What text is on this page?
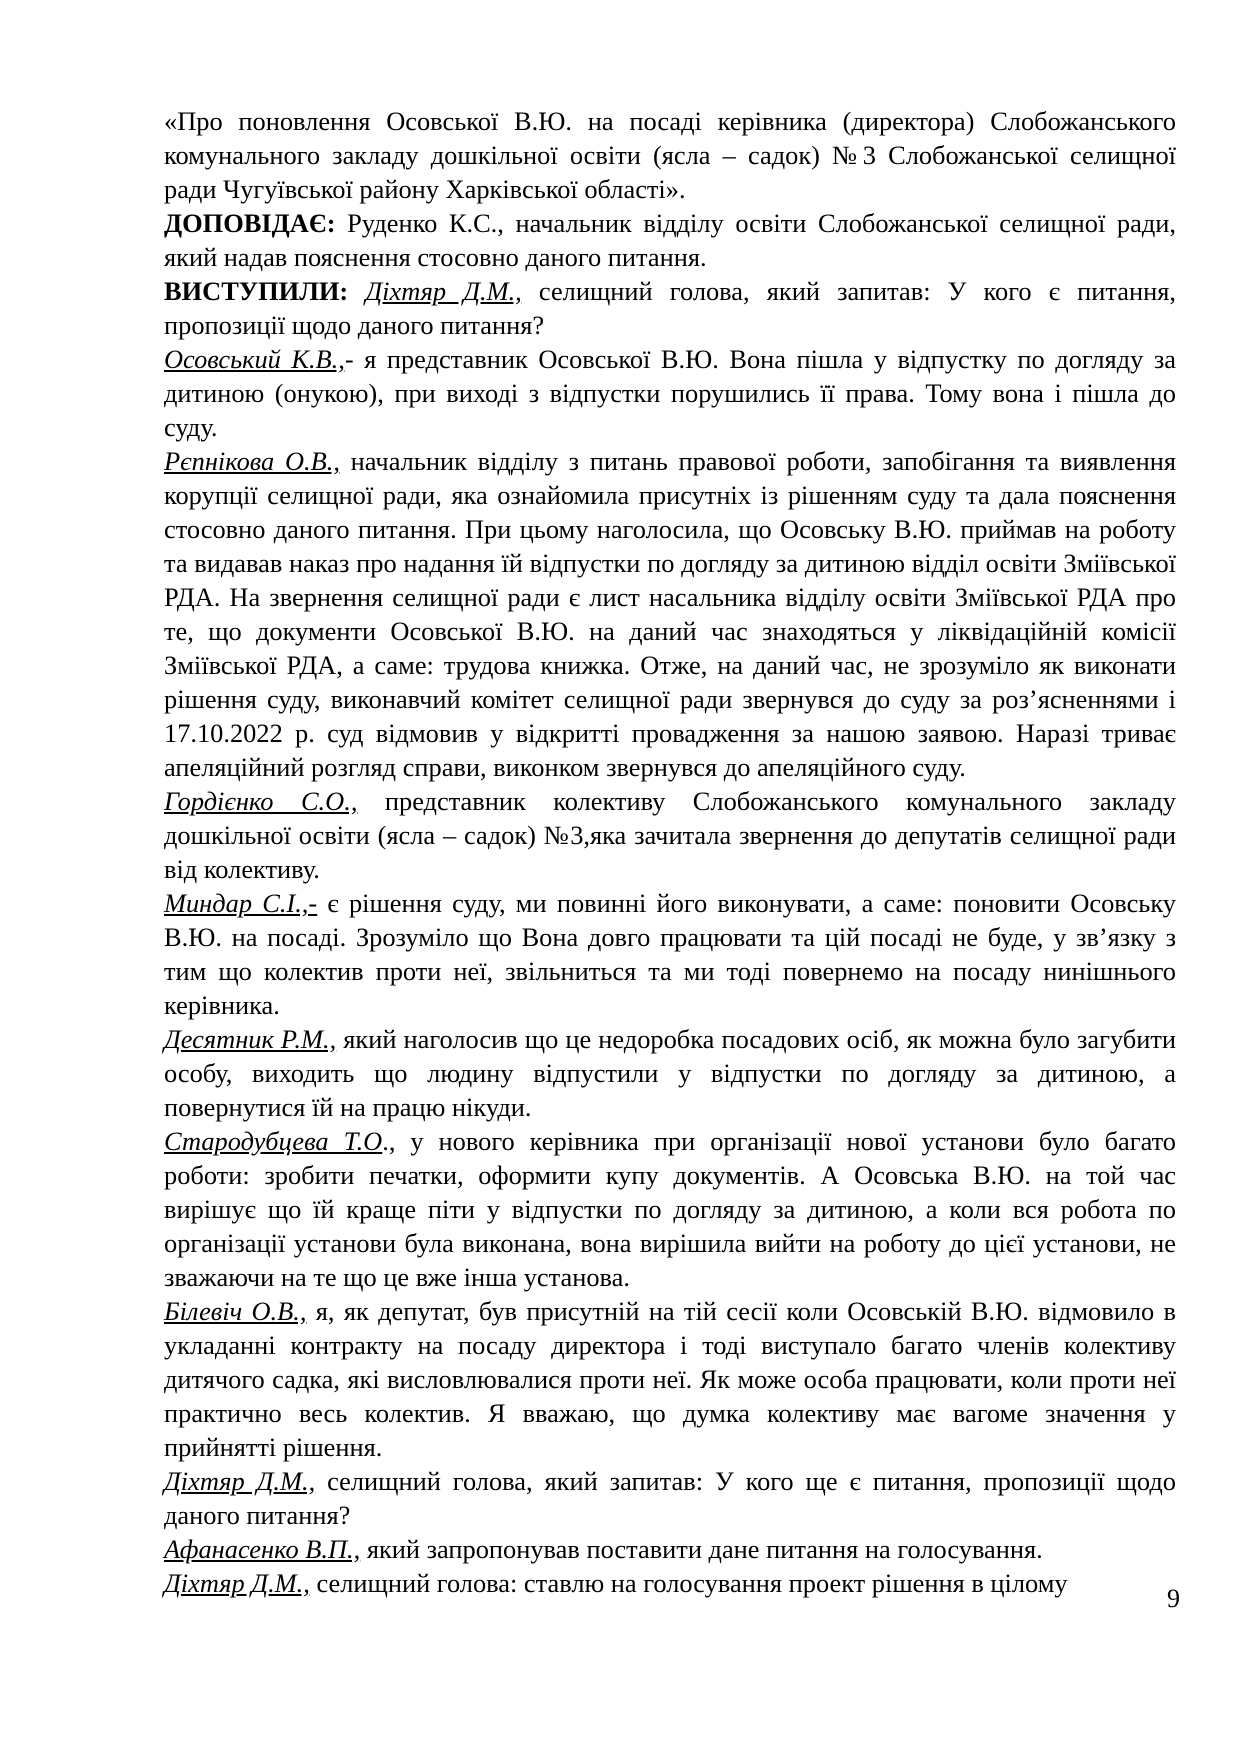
«Про поновлення Осовської В.Ю. на посаді керівника (директора) Слобожанського комунального закладу дошкільної освіти (ясла – садок) №3 Слобожанської селищної ради Чугуївської району Харківської області».

ДОПОВІДАЄ: Руденко К.С., начальник відділу освіти Слобожанської селищної ради, який надав пояснення стосовно даного питання.

ВИСТУПИЛИ: Діхтяр Д.М., селищний голова, який запитав: У кого є питання, пропозиції щодо даного питання?

Осовський К.В.,- я представник Осовської В.Ю. Вона пішла у відпустку по догляду за дитиною (онукою), при виході з відпустки порушились її права. Тому вона і пішла до суду.

Рєпнікова О.В., начальник відділу з питань правової роботи, запобігання та виявлення корупції селищної ради, яка ознайомила присутніх із рішенням суду та дала пояснення стосовно даного питання. При цьому наголосила, що Осовську В.Ю. приймав на роботу та видавав наказ про надання їй відпустки по догляду за дитиною відділ освіти Зміївської РДА. На звернення селищної ради є лист насальника відділу освіти Зміївської РДА про те, що документи Осовської В.Ю. на даний час знаходяться у ліквідаційній комісії Зміївської РДА, а саме: трудова книжка. Отже, на даний час, не зрозуміло як виконати рішення суду, виконавчий комітет селищної ради звернувся до суду за роз’ясненнями і 17.10.2022 р. суд відмовив у відкритті провадження за нашою заявою. Наразі триває апеляційний розгляд справи, виконком звернувся до апеляційного суду.

Гордієнко С.О., представник колективу Слобожанського комунального закладу дошкільної освіти (ясла – садок) №3,яка зачитала звернення до депутатів селищної ради від колективу.

Миндар С.І.,- є рішення суду, ми повинні його виконувати, а саме: поновити Осовську В.Ю. на посаді. Зрозуміло що Вона довго працювати та цій посаді не буде, у зв’язку з тим що колектив проти неї, звільниться та ми тоді повернемо на посаду нинішнього керівника.

Десятник Р.М., який наголосив що це недоробка посадових осіб, як можна було загубити особу, виходить що людину відпустили у відпустки по догляду за дитиною, а повернутися їй на працю нікуди.

Стародубцева Т.О., у нового керівника при організації нової установи було багато роботи: зробити печатки, оформити купу документів. А Осовська В.Ю. на той час вирішує що їй краще піти у відпустки по догляду за дитиною, а коли вся робота по організації установи була виконана, вона вирішила вийти на роботу до цієї установи, не зважаючи на те що це вже інша установа.

Білевіч О.В., я, як депутат, був присутній на тій сесії коли Осовській В.Ю. відмовило в укладанні контракту на посаду директора і тоді виступало багато членів колективу дитячого садка, які висловлювалися проти неї. Як може особа працювати, коли проти неї практично весь колектив. Я вважаю, що думка колективу має вагоме значення у прийнятті рішення.

Діхтяр Д.М., селищний голова, який запитав: У кого ще є питання, пропозиції щодо даного питання?

Афанасенко В.П., який запропонував поставити дане питання на голосування.

Діхтяр Д.М., селищний голова: ставлю на голосування проект рішення в цілому

9
